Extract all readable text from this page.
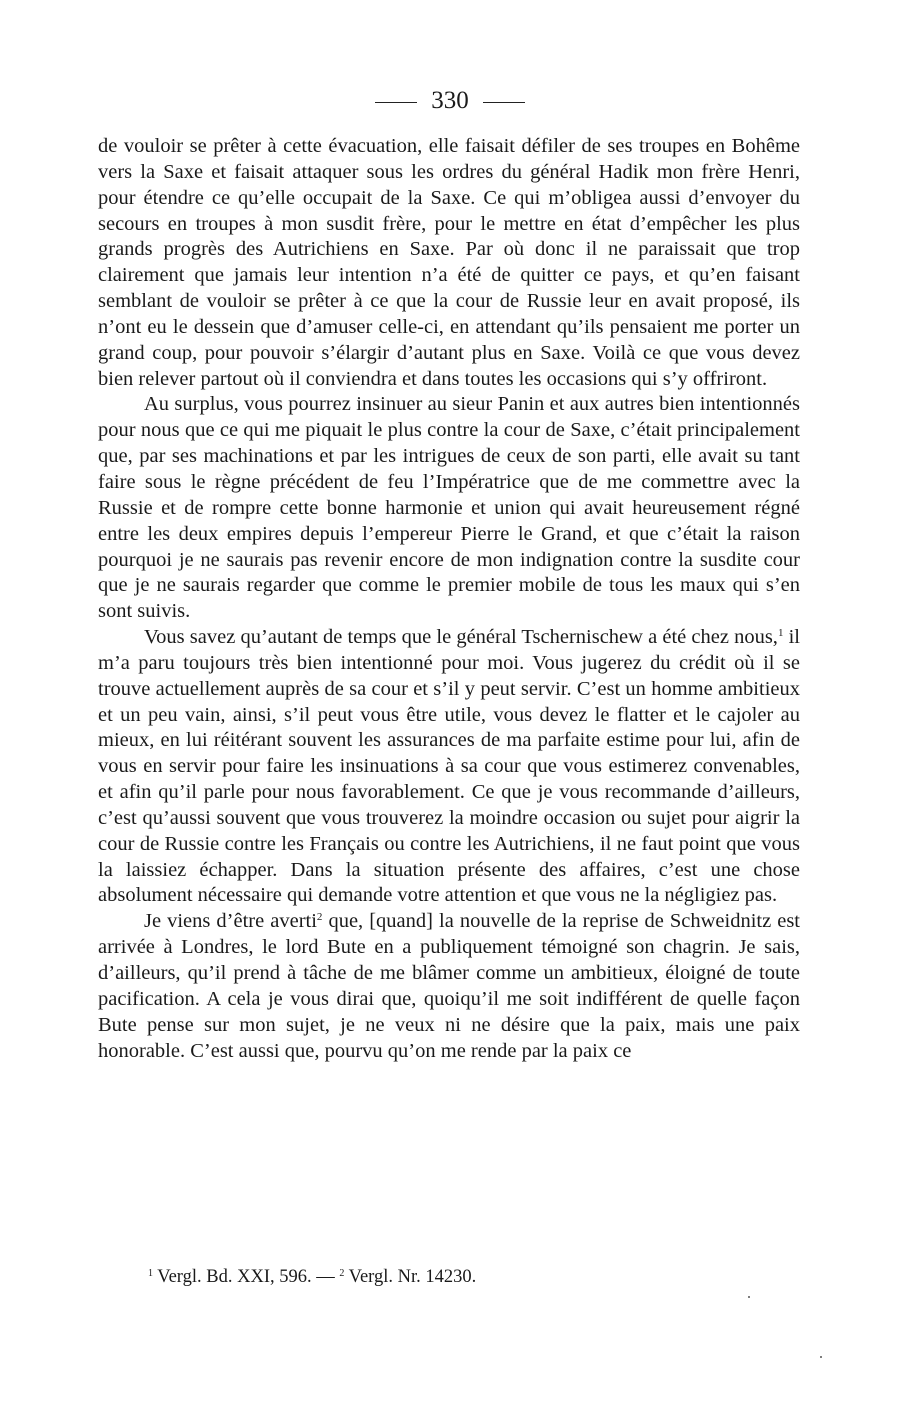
330

de vouloir se prêter à cette évacuation, elle faisait défiler de ses troupes en Bohême vers la Saxe et faisait attaquer sous les ordres du général Hadik mon frère Henri, pour étendre ce qu’elle occupait de la Saxe. Ce qui m’obligea aussi d’envoyer du secours en troupes à mon susdit frère, pour le mettre en état d’empêcher les plus grands progrès des Autrichiens en Saxe. Par où donc il ne paraissait que trop clairement que jamais leur intention n’a été de quitter ce pays, et qu’en faisant semblant de vouloir se prêter à ce que la cour de Russie leur en avait proposé, ils n’ont eu le dessein que d’amuser celle-ci, en attendant qu’ils pensaient me porter un grand coup, pour pouvoir s’élargir d’autant plus en Saxe. Voilà ce que vous devez bien relever partout où il conviendra et dans toutes les occasions qui s’y offriront.

Au surplus, vous pourrez insinuer au sieur Panin et aux autres bien intentionnés pour nous que ce qui me piquait le plus contre la cour de Saxe, c’était principalement que, par ses machinations et par les intrigues de ceux de son parti, elle avait su tant faire sous le règne précédent de feu l’Impératrice que de me commettre avec la Russie et de rompre cette bonne harmonie et union qui avait heureusement régné entre les deux empires depuis l’empereur Pierre le Grand, et que c’était la raison pourquoi je ne saurais pas revenir encore de mon indignation contre la susdite cour que je ne saurais regarder que comme le premier mobile de tous les maux qui s’en sont suivis.

Vous savez qu’autant de temps que le général Tschernischew a été chez nous,$^1$ il m’a paru toujours très bien intentionné pour moi. Vous jugerez du crédit où il se trouve actuellement auprès de sa cour et s’il y peut servir. C’est un homme ambitieux et un peu vain, ainsi, s’il peut vous être utile, vous devez le flatter et le cajoler au mieux, en lui réitérant souvent les assurances de ma parfaite estime pour lui, afin de vous en servir pour faire les insinuations à sa cour que vous estimerez convenables, et afin qu’il parle pour nous favorablement. Ce que je vous recommande d’ailleurs, c’est qu’aussi souvent que vous trouverez la moindre occasion ou sujet pour aigrir la cour de Russie contre les Français ou contre les Autrichiens, il ne faut point que vous la laissiez échapper. Dans la situation présente des affaires, c’est une chose absolument nécessaire qui demande votre attention et que vous ne la négligiez pas.

Je viens d’être averti$^2$ que, [quand] la nouvelle de la reprise de Schweidnitz est arrivée à Londres, le lord Bute en a publiquement témoigné son chagrin. Je sais, d’ailleurs, qu’il prend à tâche de me blâmer comme un ambitieux, éloigné de toute pacification. A cela je vous dirai que, quoiqu’il me soit indifférent de quelle façon Bute pense sur mon sujet, je ne veux ni ne désire que la paix, mais une paix honorable. C’est aussi que, pourvu qu’on me rende par la paix ce

$^1$ Vergl. Bd. XXI, 596. — $^2$ Vergl. Nr. 14230.
